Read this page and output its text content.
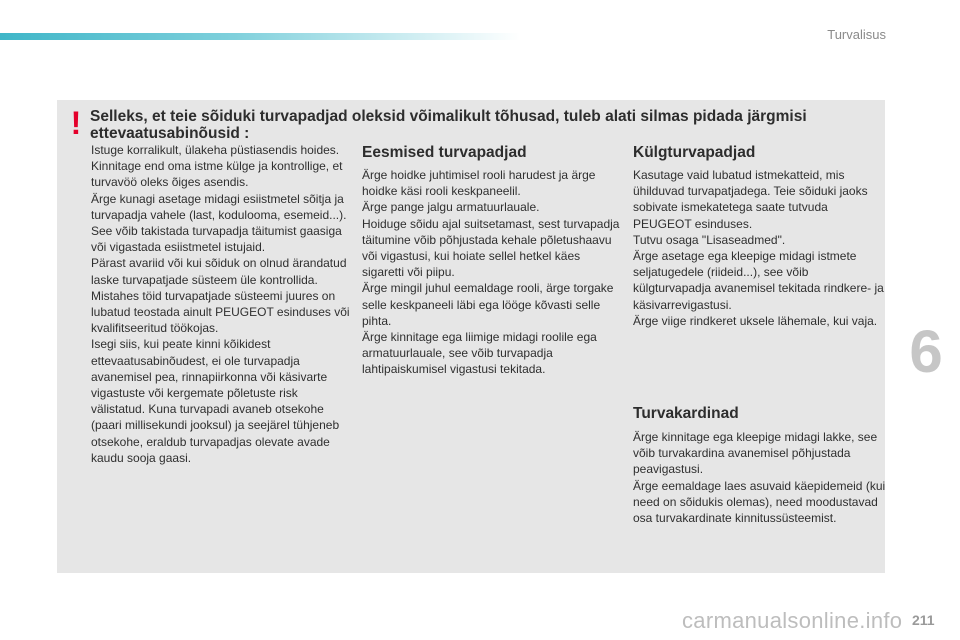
Turvalisus
6
! Selleks, et teie sõiduki turvapadjad oleksid võimalikult tõhusad, tuleb alati silmas pidada järgmisi ettevaatusabinõusid :

Istuge korralikult, ülakeha püstiasendis hoides.

Kinnitage end oma istme külge ja kontrollige, et turvavöö oleks õiges asendis.

Ärge kunagi asetage midagi esiistmetel sõitja ja turvapadja vahele (last, koduloomа, esemeid...). See võib takistada turvapadja täitumist gaasiga või vigastada esiistmetel istujaid.

Pärast avariid või kui sõiduk on olnud ärandatud laske turvapatjade süsteem üle kontrollida.

Mistahes töid turvapatjade süsteemi juures on lubatud teostada ainult PEUGEOT esinduses või kvalifitseeritud töökojas.

Isegi siis, kui peate kinni kõikidest ettevaatusabinõudest, ei ole turvapadja avanemisel pea, rinnapiirkonna või käsivarte vigastuste või kergemate põletuste risk välistatud. Kuna turvapadi avaneb otsekohe (paari millisekundi jooksul) ja seejärel tühjeneb otsekohe, eraldub turvapadjas olevate avade kaudu sooja gaasi.

Eesmised turvapadjad

Ärge hoidke juhtimisel rooli harudest ja ärge hoidke käsi rooli keskpaneelil.

Ärge pange jalgu armatuurlauale.

Hoiduge sõidu ajal suitsetamast, sest turvapadja täitumine võib põhjustada kehale põletushaavu või vigastusi, kui hoiate sellel hetkel käes sigaretti või piipu.

Ärge mingil juhul eemaldage rooli, ärge torgake selle keskpaneeli läbi ega lööge kõvasti selle pihta.

Ärge kinnitage ega liimige midagi roolile ega armatuurlauale, see võib turvapadja lahtipaiskumisel vigastusi tekitada.

Külgturvapadjad

Kasutage vaid lubatud istmekatteid, mis ühilduvad turvapatjadega. Teie sõiduki jaoks sobivate ismekatetega saate tutvuda PEUGEOT esinduses.

Tutvu osaga "Lisaseadmed".

Ärge asetage ega kleepige midagi istmete seljatugedele (riideid...), see võib külgturvapadja avanemisel tekitada rindkere- ja käsivarrevigastusi.

Ärge viige rindkeret uksele lähemale, kui vaja.

Turvakardinad

Ärge kinnitage ega kleepige midagi lakke, see võib turvakardina avanemisel põhjustada peavigastusi.

Ärge eemaldage laes asuvaid käepidemeid (kui need on sõidukis olemas), need moodustavad osa turvakardinate kinnitussüsteemist.

carmanualsonline.info 211
